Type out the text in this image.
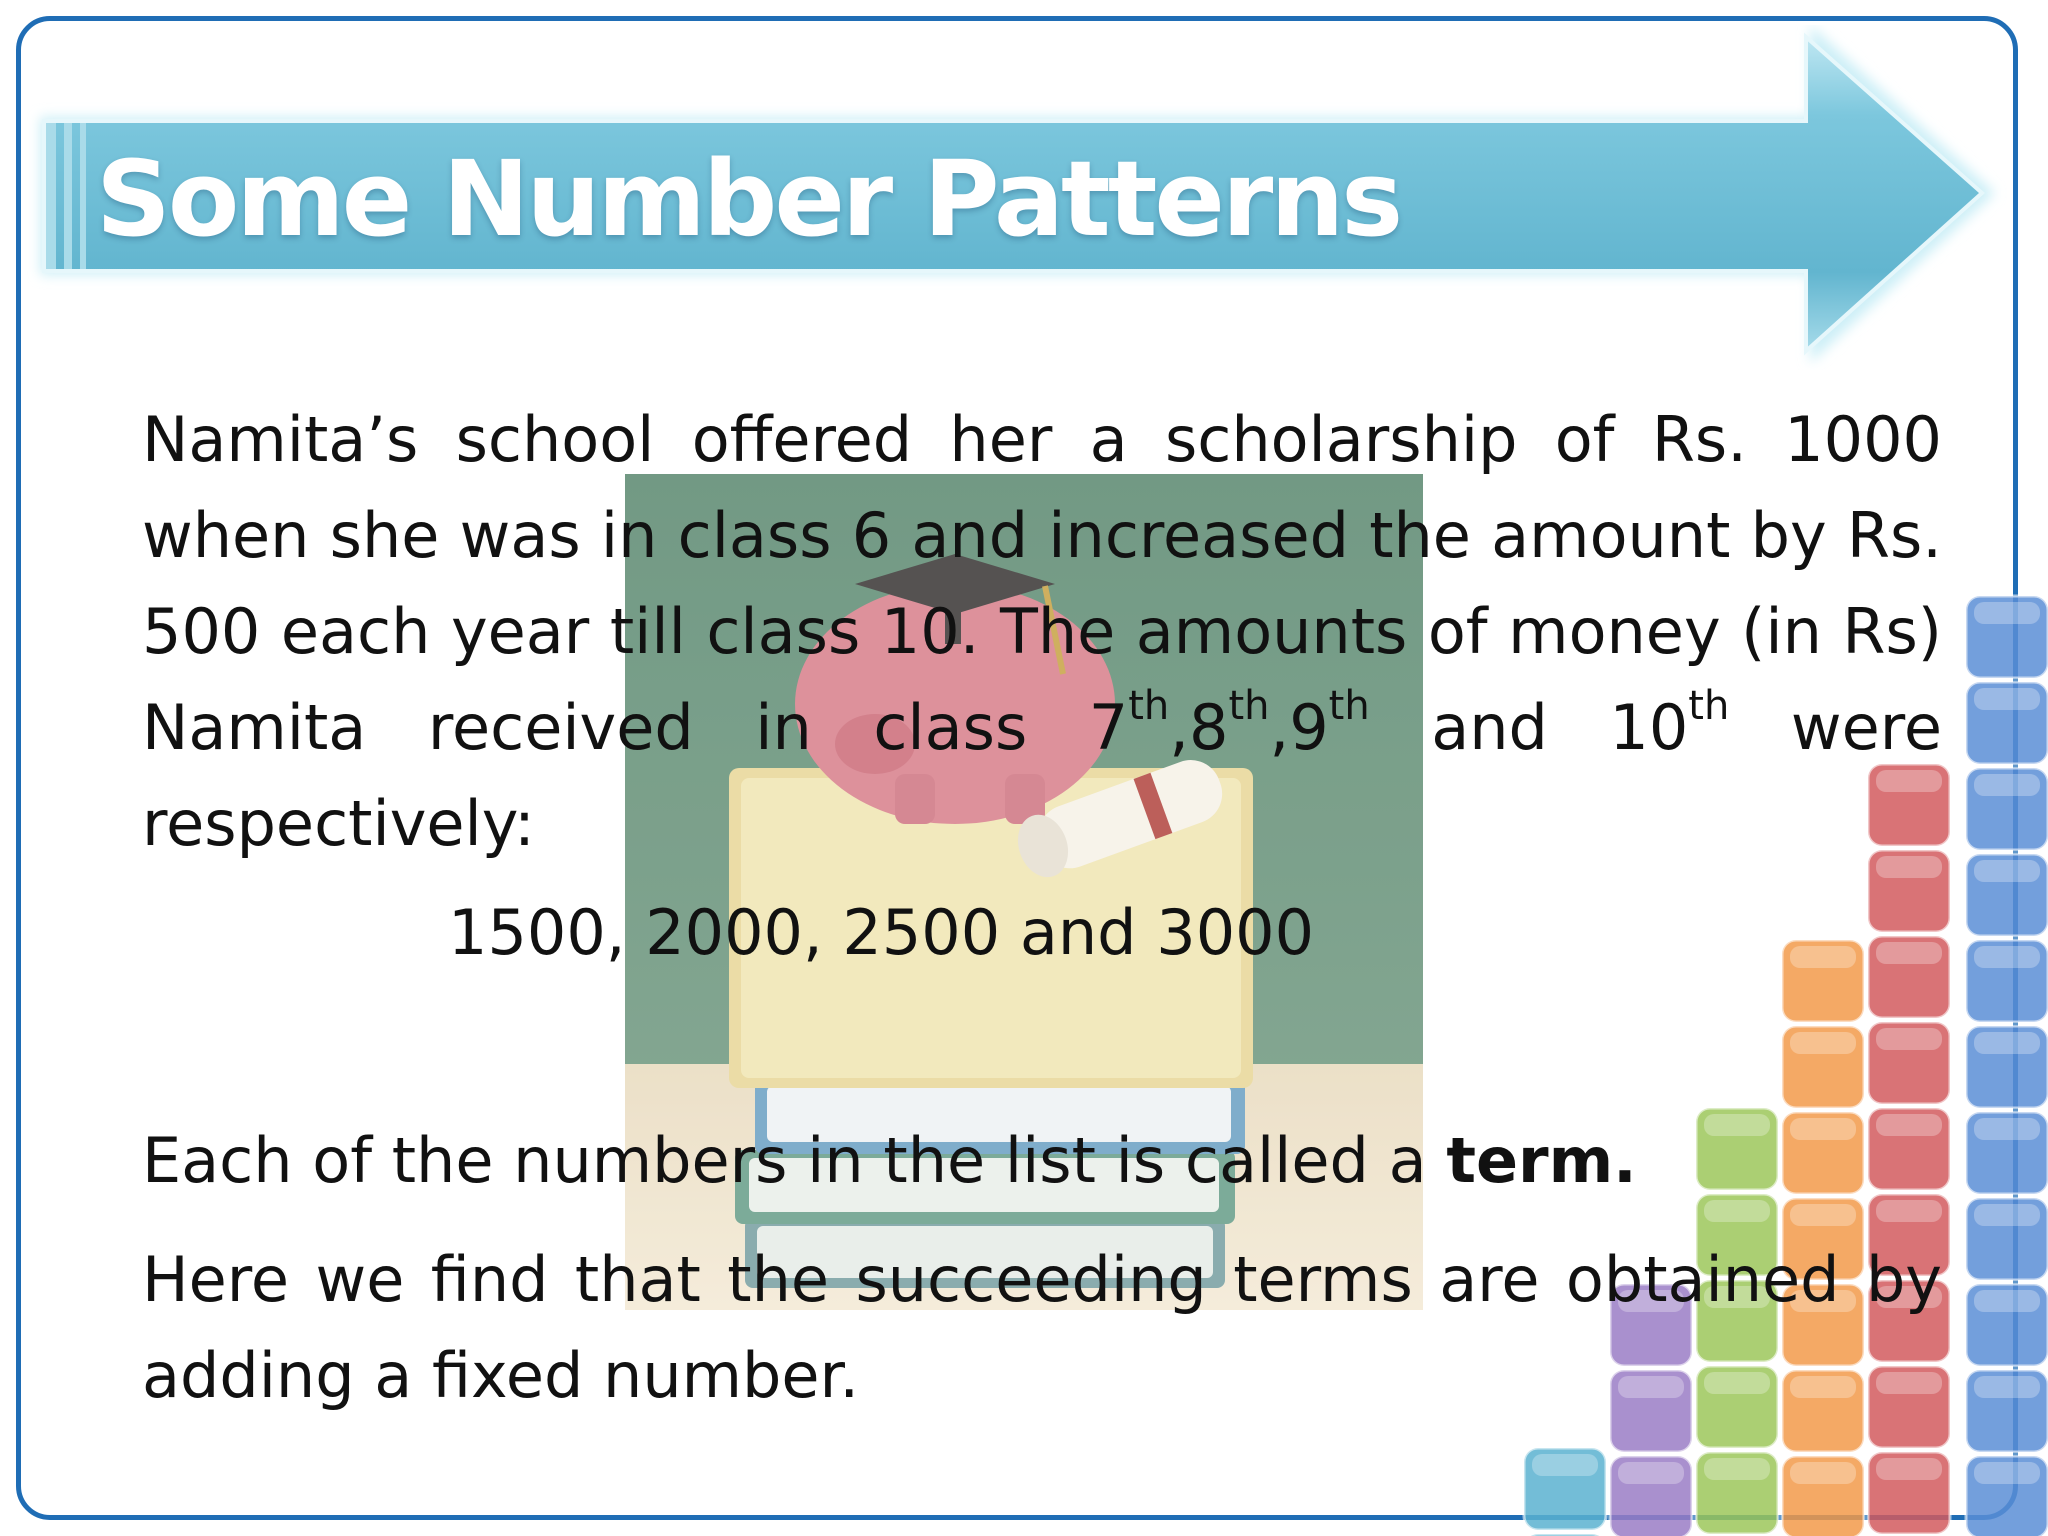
Some Number Patterns

Namita’s school offered her a scholarship of Rs. 1000 when she was in class 6 and increased the amount by Rs. 500 each year till class 10. The amounts of money (in Rs) Namita received in class 7th,8th,9th and 10th were respectively:

1500, 2000, 2500 and 3000
Each of the numbers in the list is called a term.

Here we find that the succeeding terms are obtained by adding a fixed number.
